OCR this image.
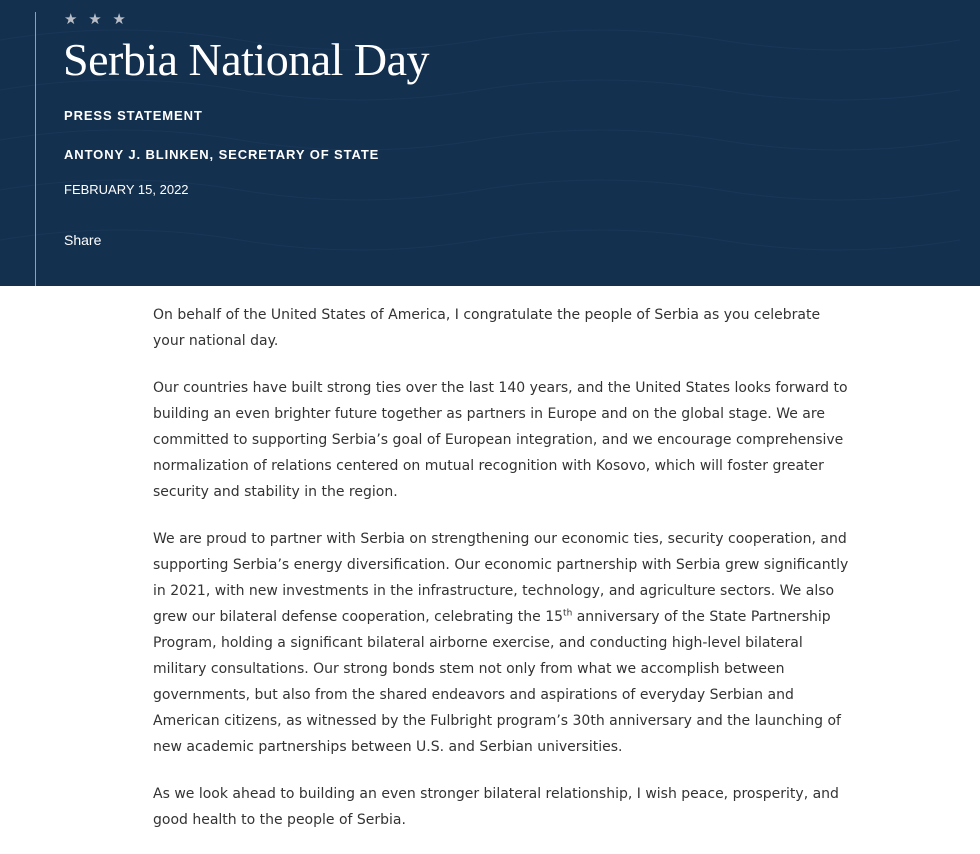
★ ★ ★
Serbia National Day
PRESS STATEMENT
ANTONY J. BLINKEN, SECRETARY OF STATE
FEBRUARY 15, 2022
Share

On behalf of the United States of America, I congratulate the people of Serbia as you celebrate your national day.

Our countries have built strong ties over the last 140 years, and the United States looks forward to building an even brighter future together as partners in Europe and on the global stage. We are committed to supporting Serbia’s goal of European integration, and we encourage comprehensive normalization of relations centered on mutual recognition with Kosovo, which will foster greater security and stability in the region.

We are proud to partner with Serbia on strengthening our economic ties, security cooperation, and supporting Serbia’s energy diversification. Our economic partnership with Serbia grew significantly in 2021, with new investments in the infrastructure, technology, and agriculture sectors. We also grew our bilateral defense cooperation, celebrating the 15th anniversary of the State Partnership Program, holding a significant bilateral airborne exercise, and conducting high-level bilateral military consultations. Our strong bonds stem not only from what we accomplish between governments, but also from the shared endeavors and aspirations of everyday Serbian and American citizens, as witnessed by the Fulbright program’s 30th anniversary and the launching of new academic partnerships between U.S. and Serbian universities.

As we look ahead to building an even stronger bilateral relationship, I wish peace, prosperity, and good health to the people of Serbia.
